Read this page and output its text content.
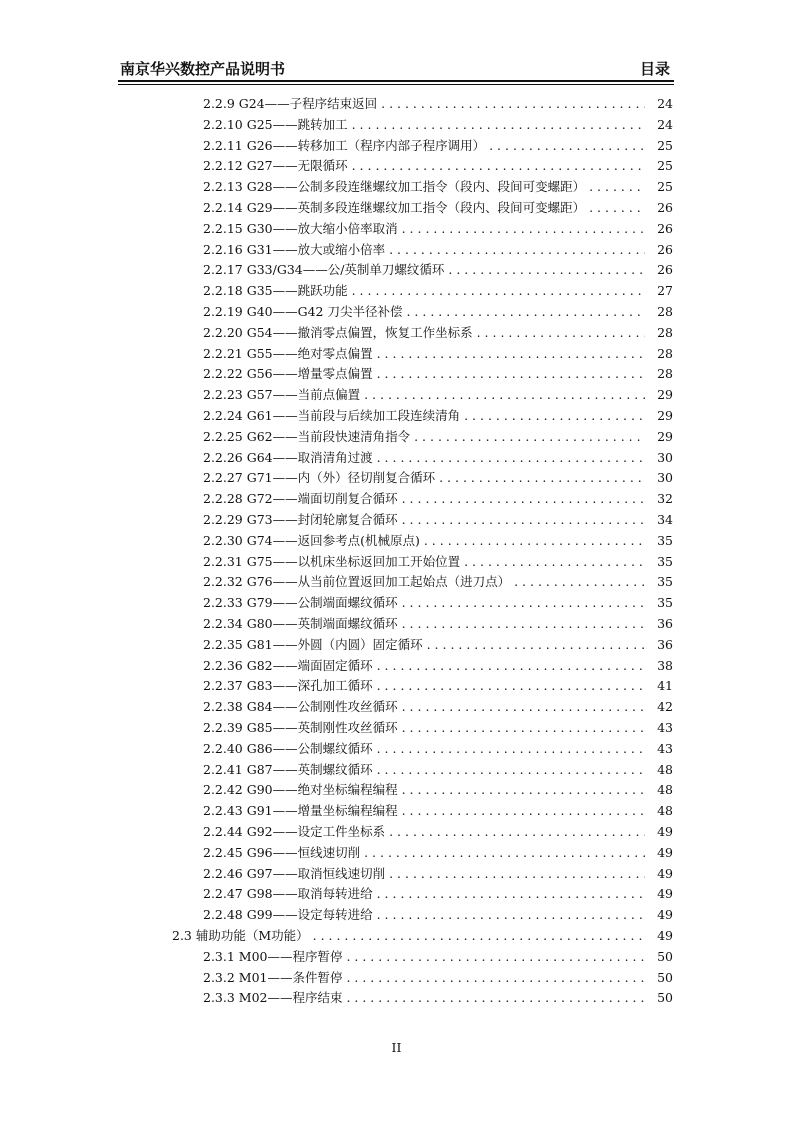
南京华兴数控产品说明书	目录
2.2.9 G24——子程序结束返回 . . .	24
2.2.10 G25——跳转加工 . . .	24
2.2.11 G26——转移加工（程序内部子程序调用） . . .	25
2.2.12 G27——无限循环 . . .	25
2.2.13 G28——公制多段连继螺纹加工指令（段内、段间可变螺距） . . .	25
2.2.14 G29——英制多段连继螺纹加工指令（段内、段间可变螺距） . . .	26
2.2.15 G30——放大缩小倍率取消 . . .	26
2.2.16 G31——放大或缩小倍率 . . .	26
2.2.17 G33/G34——公/英制单刀螺纹循环 . . .	26
2.2.18 G35——跳跃功能 . . .	27
2.2.19 G40——G42 刀尖半径补偿 . . .	28
2.2.20 G54——撤消零点偏置，恢复工作坐标系 . . .	28
2.2.21 G55——绝对零点偏置 . . .	28
2.2.22 G56——增量零点偏置 . . .	28
2.2.23 G57——当前点偏置 . . .	29
2.2.24 G61——当前段与后续加工段连续清角 . . .	29
2.2.25 G62——当前段快速清角指令 . . .	29
2.2.26 G64——取消清角过渡 . . .	30
2.2.27 G71——内（外）径切削复合循环 . . .	30
2.2.28 G72——端面切削复合循环 . . .	32
2.2.29 G73——封闭轮廓复合循环 . . .	34
2.2.30 G74——返回参考点(机械原点) . . .	35
2.2.31 G75——以机床坐标返回加工开始位置 . . .	35
2.2.32 G76——从当前位置返回加工起始点（进刀点） . . .	35
2.2.33 G79——公制端面螺纹循环 . . .	35
2.2.34 G80——英制端面螺纹循环 . . .	36
2.2.35 G81——外圆（内圆）固定循环 . . .	36
2.2.36 G82——端面固定循环 . . .	38
2.2.37 G83——深孔加工循环 . . .	41
2.2.38 G84——公制刚性攻丝循环 . . .	42
2.2.39 G85——英制刚性攻丝循环 . . .	43
2.2.40 G86——公制螺纹循环 . . .	43
2.2.41 G87——英制螺纹循环 . . .	48
2.2.42 G90——绝对坐标编程编程 . . .	48
2.2.43 G91——增量坐标编程编程 . . .	48
2.2.44 G92——设定工件坐标系 . . .	49
2.2.45 G96——恒线速切削 . . .	49
2.2.46 G97——取消恒线速切削 . . .	49
2.2.47 G98——取消每转进给 . . .	49
2.2.48 G99——设定每转进给 . . .	49
2.3 辅助功能（M功能） . . .	49
2.3.1 M00——程序暂停 . . .	50
2.3.2 M01——条件暂停 . . .	50
2.3.3 M02——程序结束 . . .	50
II
